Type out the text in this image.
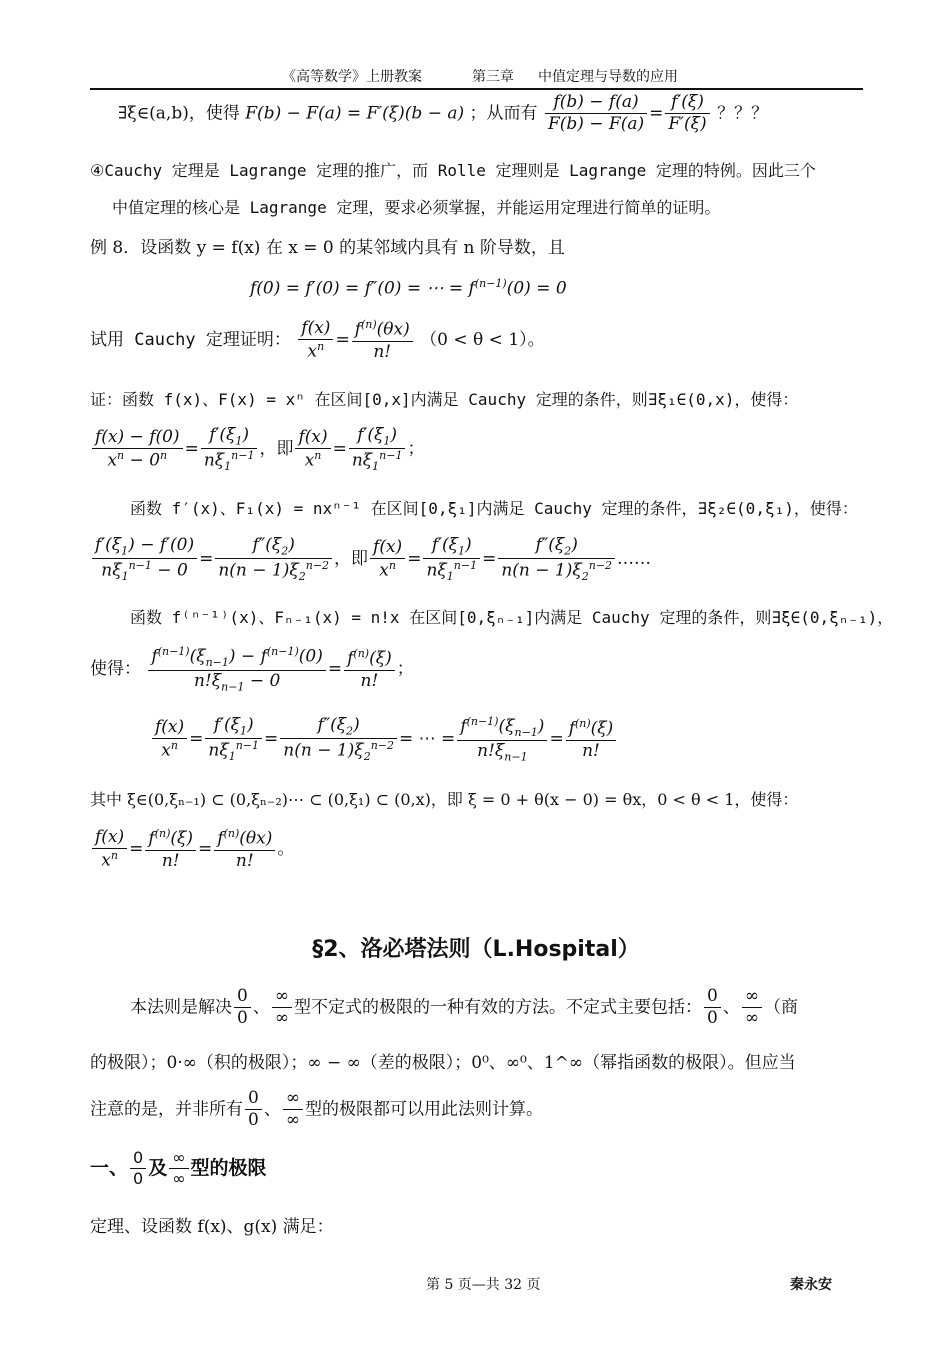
《高等数学》上册教案	第三章 中值定理与导数的应用
∃ξ∈(a,b)，使得 F(b) − F(a) = F′(ξ)(b − a) ；从而有 $\frac{f(b) - f(a)}{F(b) - F(a)} = \frac{f'(\xi)}{F'(\xi)}$ ？？？
④Cauchy 定理是 Lagrange 定理的推广，而 Rolle 定理则是 Lagrange 定理的特例。因此三个
中值定理的核心是 Lagrange 定理，要求必须掌握，并能运用定理进行简单的证明。
例 8．设函数 y = f(x) 在 x = 0 的某邻域内具有 n 阶导数，且
f(0) = f′(0) = f″(0) = ⋯ = $f^{(n-1)}(0) = 0$
试用 Cauchy 定理证明： $\frac{f(x)}{x^n} = \frac{f^{(n)}(\theta x)}{n!} (0 < \theta < 1)$。
证：函数 f(x)、F(x) = xⁿ 在区间[0,x]内满足 Cauchy 定理的条件，则∃ξ₁∈(0,x)，使得：
$\frac{f(x) - f(0)}{x^n - 0^n} = \frac{f'(\xi_1)}{n\xi_1^{n-1}}$ ，即 $\frac{f(x)}{x^n} = \frac{f'(\xi_1)}{n\xi_1^{n-1}}$ ；
函数 f′(x)、F₁(x) = nxⁿ⁻¹ 在区间[0,ξ₁]内满足 Cauchy 定理的条件，∃ξ₂∈(0,ξ₁)，使得：
$\frac{f'(\xi_1) - f'(0)}{n\xi_1^{n-1} - 0} = \frac{f''(\xi_2)}{n(n - 1)\xi_2^{n-2}}$ ，即 $\frac{f(x)}{x^n} = \frac{f'(\xi_1)}{n\xi_1^{n-1}} = \frac{f''(\xi_2)}{n(n - 1)\xi_2^{n-2}}$ ……
函数 f⁽ⁿ⁻¹⁾(x)、Fₙ₋₁(x) = n!x 在区间[0,ξₙ₋₁]内满足 Cauchy 定理的条件，则∃ξ∈(0,ξₙ₋₁)，
使得： $\frac{f^{(n-1)}(\xi_{n-1}) - f^{(n-1)}(0)}{n!\xi_{n-1} - 0} = \frac{f^{(n)}(\xi)}{n!}$ ；
$\frac{f(x)}{x^n} = \frac{f'(\xi_1)}{n\xi_1^{n-1}} = \frac{f''(\xi_2)}{n(n - 1)\xi_2^{n-2}}$ = ⋯ = $\frac{f^{(n-1)}(\xi_{n-1})}{n!\xi_{n-1}} = \frac{f^{(n)}(\xi)}{n!}$
其中 ξ∈(0,ξₙ₋₁) ⊂ (0,ξₙ₋₂)⋯ ⊂ (0,ξ₁) ⊂ (0,x)，即 ξ = 0 + θ(x − 0) = θx，0 < θ < 1，使得：
$\frac{f(x)}{x^n} = \frac{f^{(n)}(\xi)}{n!} = \frac{f^{(n)}(\theta x)}{n!}$ 。
§2、洛必塔法则（L.Hospital）
本法则是解决 $\frac{0}{0}$ 、 $\frac{\infty}{\infty}$ 型不定式的极限的一种有效的方法。不定式主要包括： $\frac{0}{0}$ 、 $\frac{\infty}{\infty}$ （商
的极限）；0·∞（积的极限）；∞ − ∞（差的极限）；0⁰、∞⁰、1^∞（幂指函数的极限）。但应当
注意的是，并非所有 $\frac{0}{0}$ 、 $\frac{\infty}{\infty}$ 型的极限都可以用此法则计算。
一、 $\frac{0}{0}$ 及 $\frac{\infty}{\infty}$ 型的极限
定理、设函数 f(x)、g(x) 满足：
第 5 页—共 32 页	秦永安
